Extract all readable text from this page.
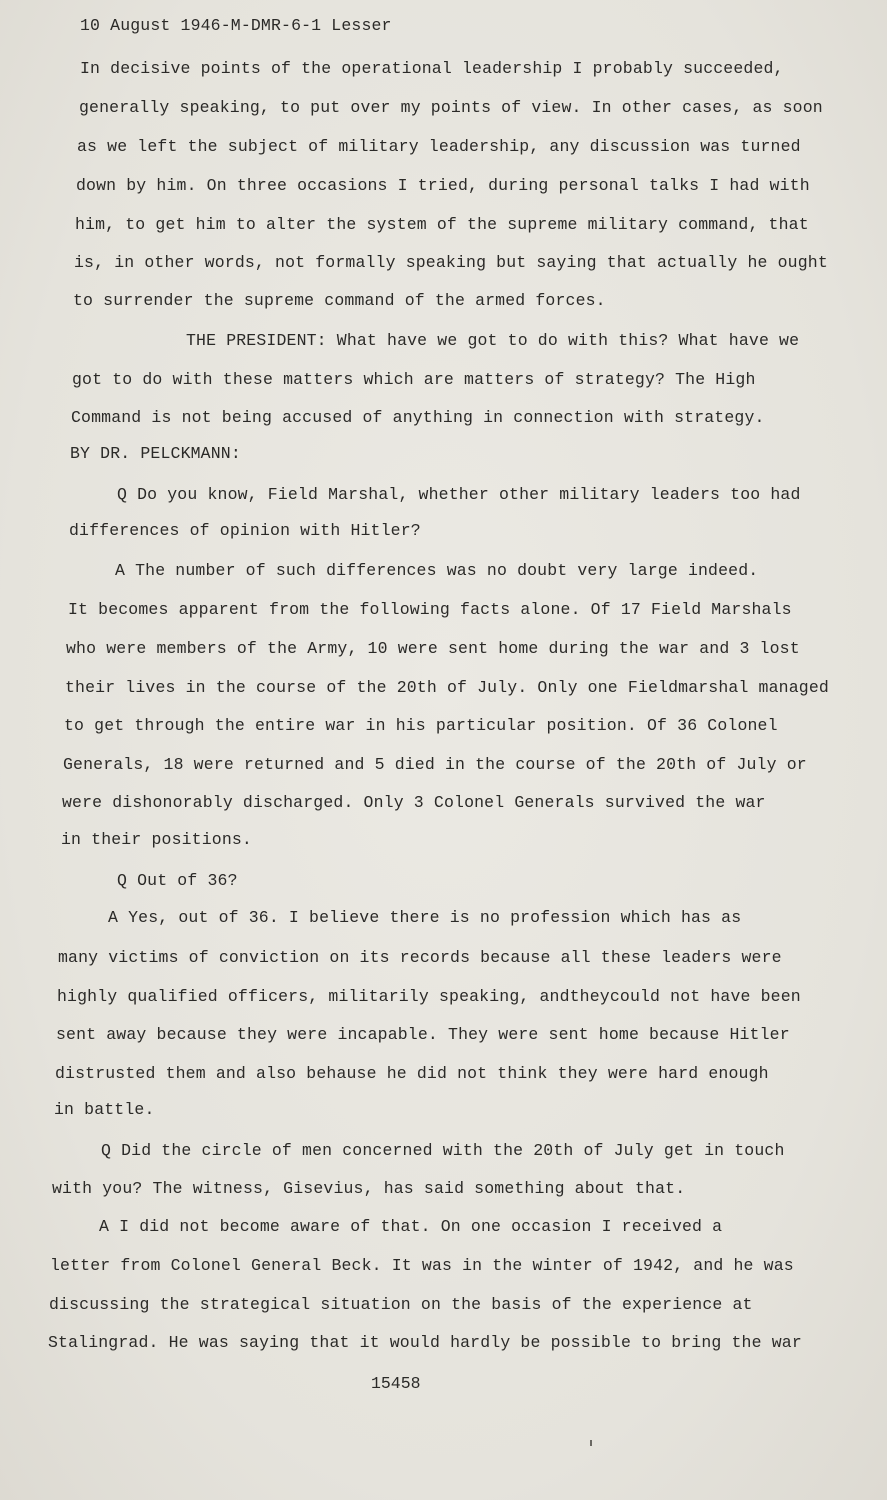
10 August 1946-M-DMR-6-1 Lesser
In decisive points of the operational leadership I probably succeeded,
generally speaking, to put over my points of view. In other cases, as soon
as we left the subject of military leadership, any discussion was turned
down by him. On three occasions I tried, during personal talks I had with
him, to get him to alter the system of the supreme military command, that
is, in other words, not formally speaking but saying that actually he ought
to surrender the supreme command of the armed forces.
THE PRESIDENT: What have we got to do with this? What have we
got to do with these matters which are matters of strategy? The High
Command is not being accused of anything in connection with strategy.
BY DR. PELCKMANN:
Q Do you know, Field Marshal, whether other military leaders too had
differences of opinion with Hitler?
A The number of such differences was no doubt very large indeed.
It becomes apparent from the following facts alone. Of 17 Field Marshals
who were members of the Army, 10 were sent home during the war and 3 lost
their lives in the course of the 20th of July. Only one Fieldmarshal managed
to get through the entire war in his particular position. Of 36 Colonel
Generals, 18 were returned and 5 died in the course of the 20th of July or
were dishonorably discharged. Only 3 Colonel Generals survived the war
in their positions.
Q Out of 36?
A Yes, out of 36. I believe there is no profession which has as
many victims of conviction on its records because all these leaders were
highly qualified officers, militarily speaking, andtheycould not have been
sent away because they were incapable. They were sent home because Hitler
distrusted them and also behause he did not think they were hard enough
in battle.
Q Did the circle of men concerned with the 20th of July get in touch
with you? The witness, Gisevius, has said something about that.
A I did not become aware of that. On one occasion I received a
letter from Colonel General Beck. It was in the winter of 1942, and he was
discussing the strategical situation on the basis of the experience at
Stalingrad. He was saying that it would hardly be possible to bring the war
15458
